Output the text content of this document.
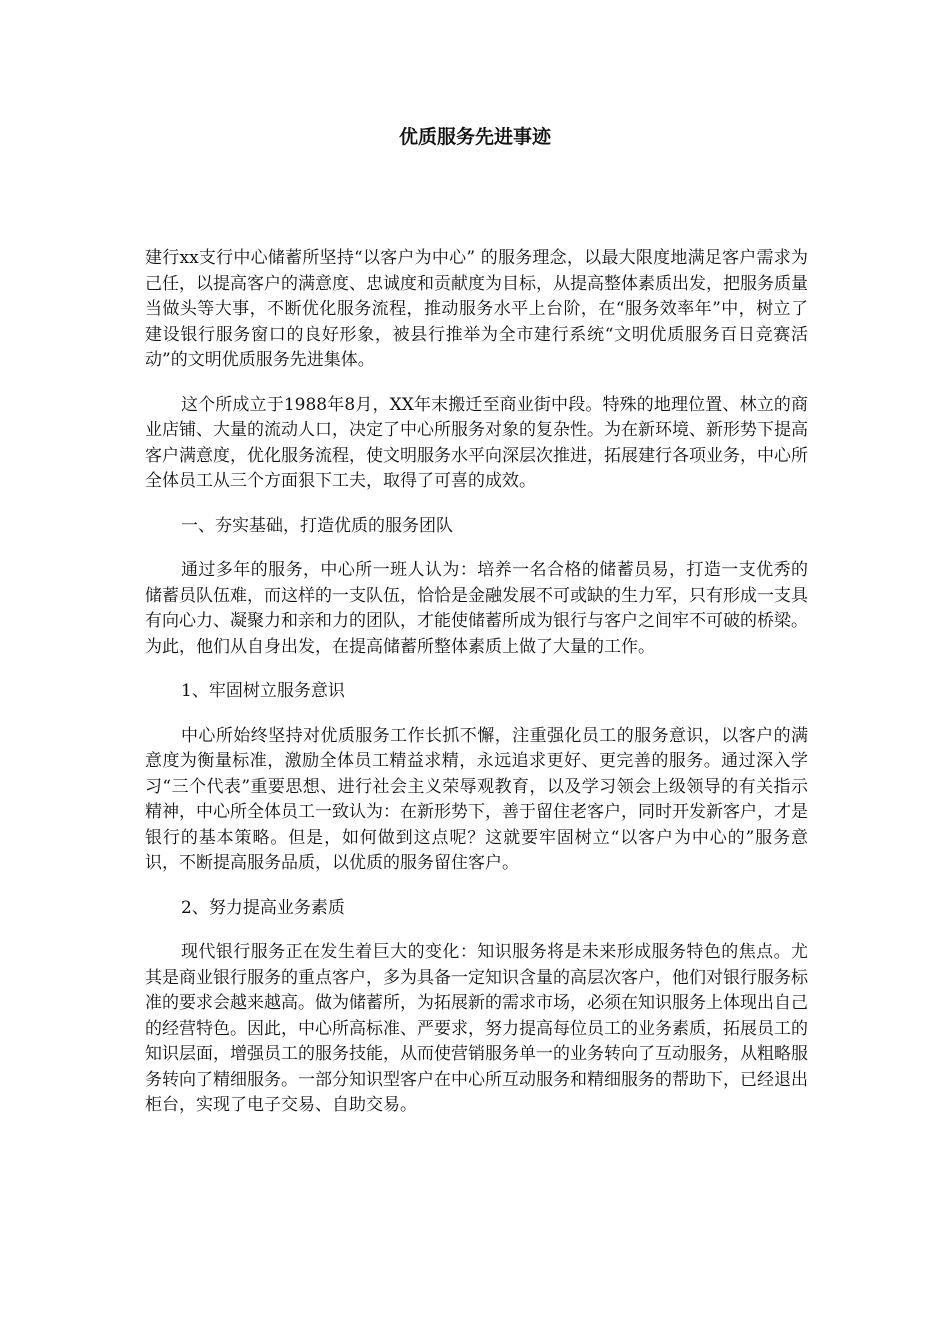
优质服务先进事迹

建行xx支行中心储蓄所坚持“以客户为中心” 的服务理念，以最大限度地满足客户需求为己任，以提高客户的满意度、忠诚度和贡献度为目标，从提高整体素质出发，把服务质量当做头等大事，不断优化服务流程，推动服务水平上台阶，在“服务效率年”中，树立了建设银行服务窗口的良好形象，被县行推举为全市建行系统“文明优质服务百日竞赛活动”的文明优质服务先进集体。

这个所成立于1988年8月，XX年末搬迁至商业街中段。特殊的地理位置、林立的商业店铺、大量的流动人口，决定了中心所服务对象的复杂性。为在新环境、新形势下提高客户满意度，优化服务流程，使文明服务水平向深层次推进，拓展建行各项业务，中心所全体员工从三个方面狠下工夫，取得了可喜的成效。

一、夯实基础，打造优质的服务团队

通过多年的服务，中心所一班人认为：培养一名合格的储蓄员易，打造一支优秀的储蓄员队伍难，而这样的一支队伍，恰恰是金融发展不可或缺的生力军，只有形成一支具有向心力、凝聚力和亲和力的团队，才能使储蓄所成为银行与客户之间牢不可破的桥梁。为此，他们从自身出发，在提高储蓄所整体素质上做了大量的工作。

1、牢固树立服务意识

中心所始终坚持对优质服务工作长抓不懈，注重强化员工的服务意识，以客户的满意度为衡量标准，激励全体员工精益求精，永远追求更好、更完善的服务。通过深入学习“三个代表”重要思想、进行社会主义荣辱观教育，以及学习领会上级领导的有关指示精神，中心所全体员工一致认为：在新形势下，善于留住老客户，同时开发新客户，才是银行的基本策略。但是，如何做到这点呢？这就要牢固树立“以客户为中心的”服务意识，不断提高服务品质，以优质的服务留住客户。

2、努力提高业务素质

现代银行服务正在发生着巨大的变化：知识服务将是未来形成服务特色的焦点。尤其是商业银行服务的重点客户，多为具备一定知识含量的高层次客户，他们对银行服务标准的要求会越来越高。做为储蓄所，为拓展新的需求市场，必须在知识服务上体现出自己的经营特色。因此，中心所高标准、严要求，努力提高每位员工的业务素质，拓展员工的知识层面，增强员工的服务技能，从而使营销服务单一的业务转向了互动服务，从粗略服务转向了精细服务。一部分知识型客户在中心所互动服务和精细服务的帮助下，已经退出柜台，实现了电子交易、自助交易。
